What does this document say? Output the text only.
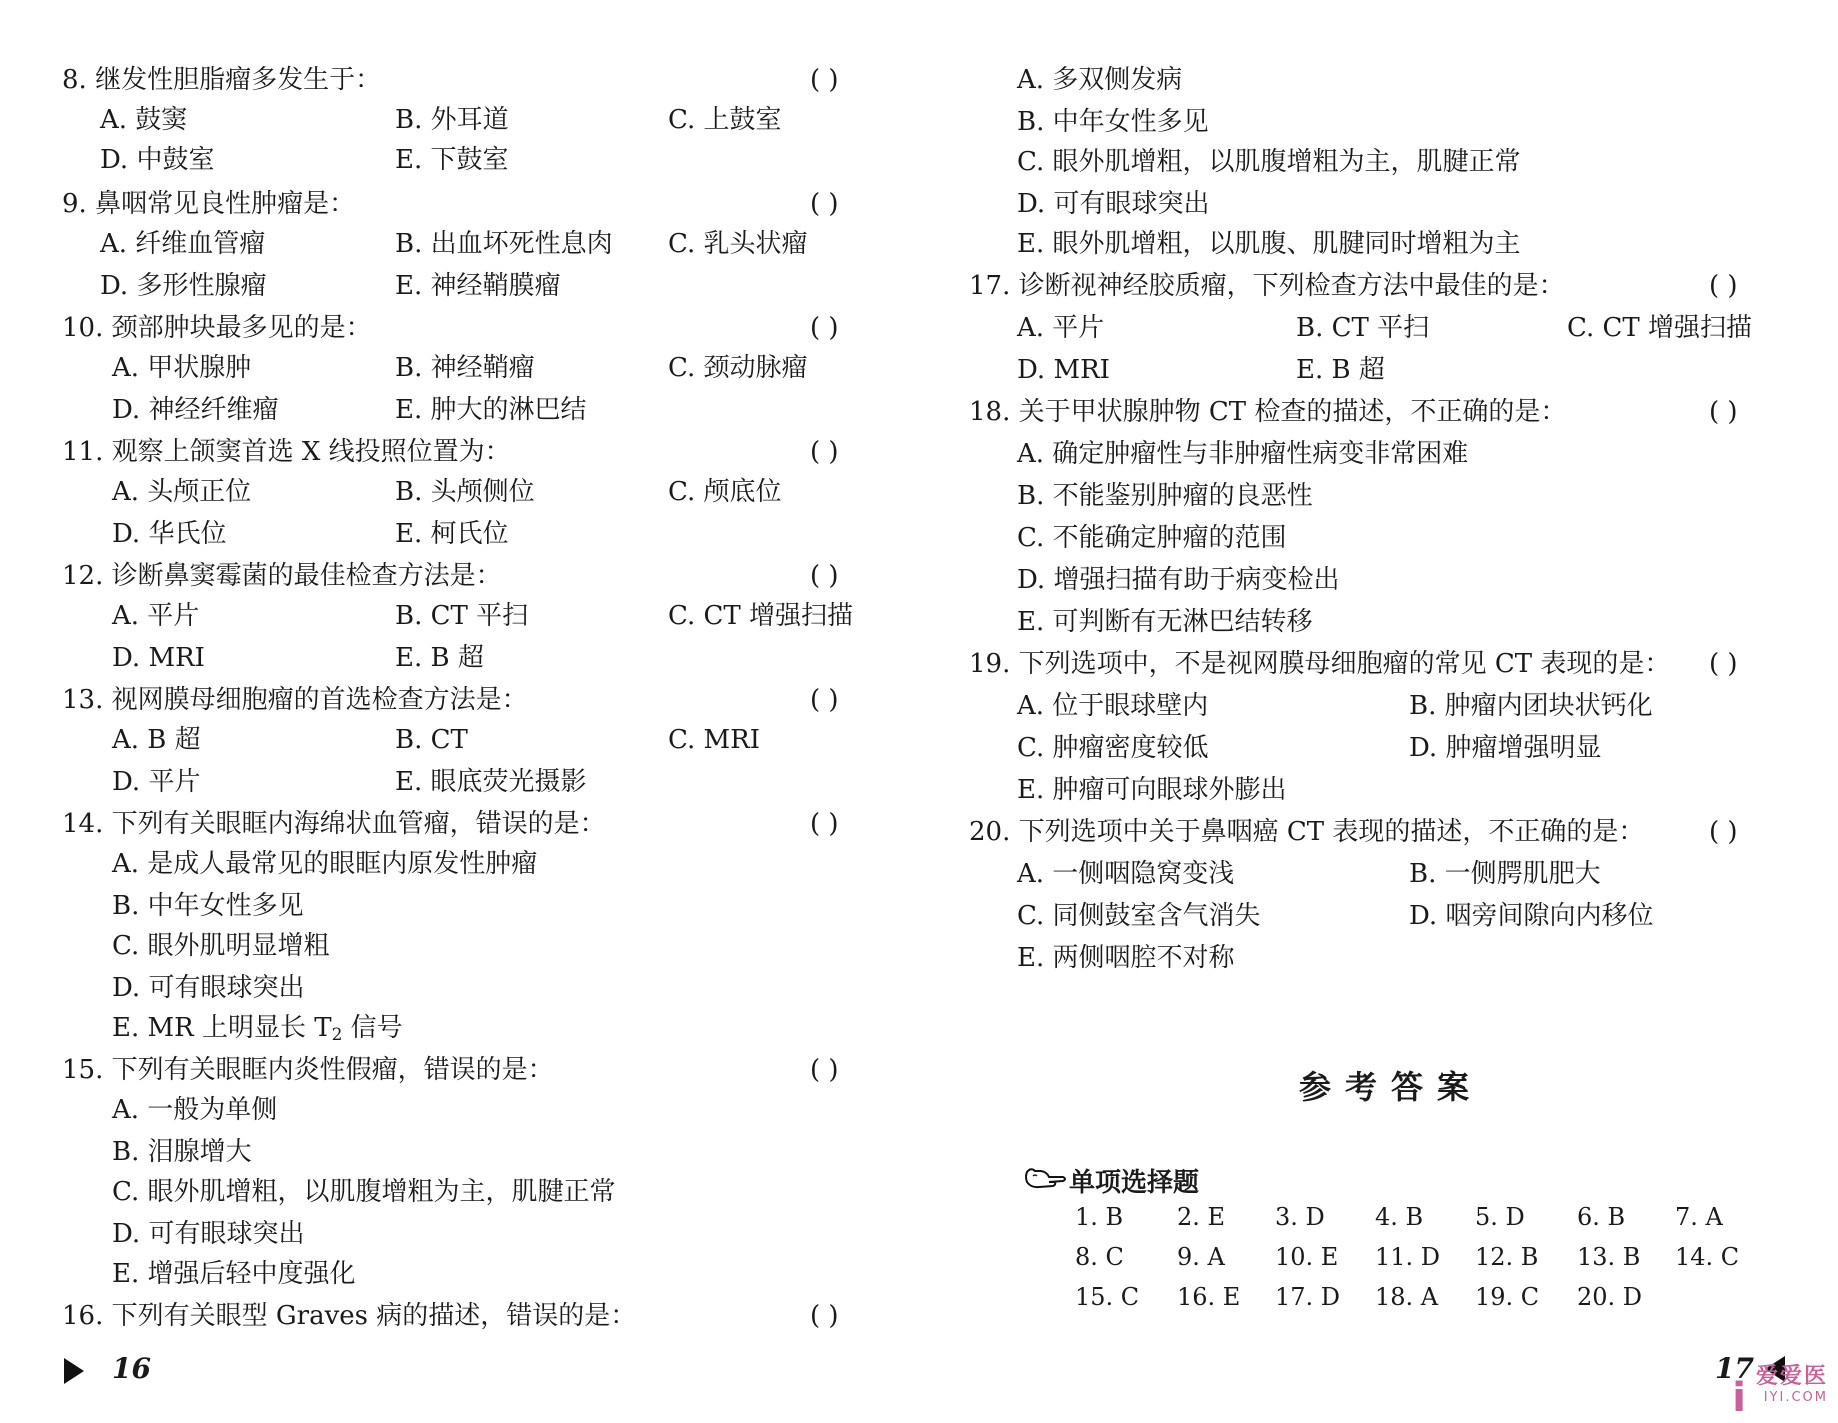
8. 继发性胆脂瘤多发生于：	( )
A. 鼓窦	B. 外耳道	C. 上鼓室
D. 中鼓室	E. 下鼓室
9. 鼻咽常见良性肿瘤是：	( )
A. 纤维血管瘤	B. 出血坏死性息肉 C. 乳头状瘤
D. 多形性腺瘤	E. 神经鞘膜瘤
10. 颈部肿块最多见的是：	( )
A. 甲状腺肿	B. 神经鞘瘤	C. 颈动脉瘤
D. 神经纤维瘤	E. 肿大的淋巴结
11. 观察上颌窦首选 X 线投照位置为：	( )
A. 头颅正位	B. 头颅侧位	C. 颅底位
D. 华氏位	E. 柯氏位
12. 诊断鼻窦霉菌的最佳检查方法是：	( )
A. 平片	B. CT 平扫	C. CT 增强扫描
D. MRI	E. B 超
13. 视网膜母细胞瘤的首选检查方法是：	( )
A. B 超	B. CT	C. MRI
D. 平片	E. 眼底荧光摄影
14. 下列有关眼眶内海绵状血管瘤，错误的是：	( )
A. 是成人最常见的眼眶内原发性肿瘤
B. 中年女性多见
C. 眼外肌明显增粗
D. 可有眼球突出
E. MR 上明显长 $T_2$ 信号
15. 下列有关眼眶内炎性假瘤，错误的是：	( )
A. 一般为单侧
B. 泪腺增大
C. 眼外肌增粗，以肌腹增粗为主，肌腱正常
D. 可有眼球突出
E. 增强后轻中度强化
16. 下列有关眼型 Graves 病的描述，错误的是：	( )
16
A. 多双侧发病
B. 中年女性多见
C. 眼外肌增粗，以肌腹增粗为主，肌腱正常
D. 可有眼球突出
E. 眼外肌增粗，以肌腹、肌腱同时增粗为主
17. 诊断视神经胶质瘤，下列检查方法中最佳的是：	( )
A. 平片	B. CT 平扫	C. CT 增强扫描
D. MRI	E. B 超
18. 关于甲状腺肿物 CT 检查的描述，不正确的是：	( )
A. 确定肿瘤性与非肿瘤性病变非常困难
B. 不能鉴别肿瘤的良恶性
C. 不能确定肿瘤的范围
D. 增强扫描有助于病变检出
E. 可判断有无淋巴结转移
19. 下列选项中，不是视网膜母细胞瘤的常见 CT 表现的是： ( )
A. 位于眼球壁内	B. 肿瘤内团块状钙化
C. 肿瘤密度较低	D. 肿瘤增强明显
E. 肿瘤可向眼球外膨出
20. 下列选项中关于鼻咽癌 CT 表现的描述，不正确的是： ( )
A. 一侧咽隐窝变浅	B. 一侧腭肌肥大
C. 同侧鼓室含气消失	D. 咽旁间隙向内移位
E. 两侧咽腔不对称
参考答案
单项选择题
1. B 2. E 3. D 4. B 5. D 6. B 7. A
8. C 9. A 10. E 11. D 12. B 13. B 14. C
15. C 16. E 17. D 18. A 19. C 20. D
17
i 爱爱医
IYI.COM
